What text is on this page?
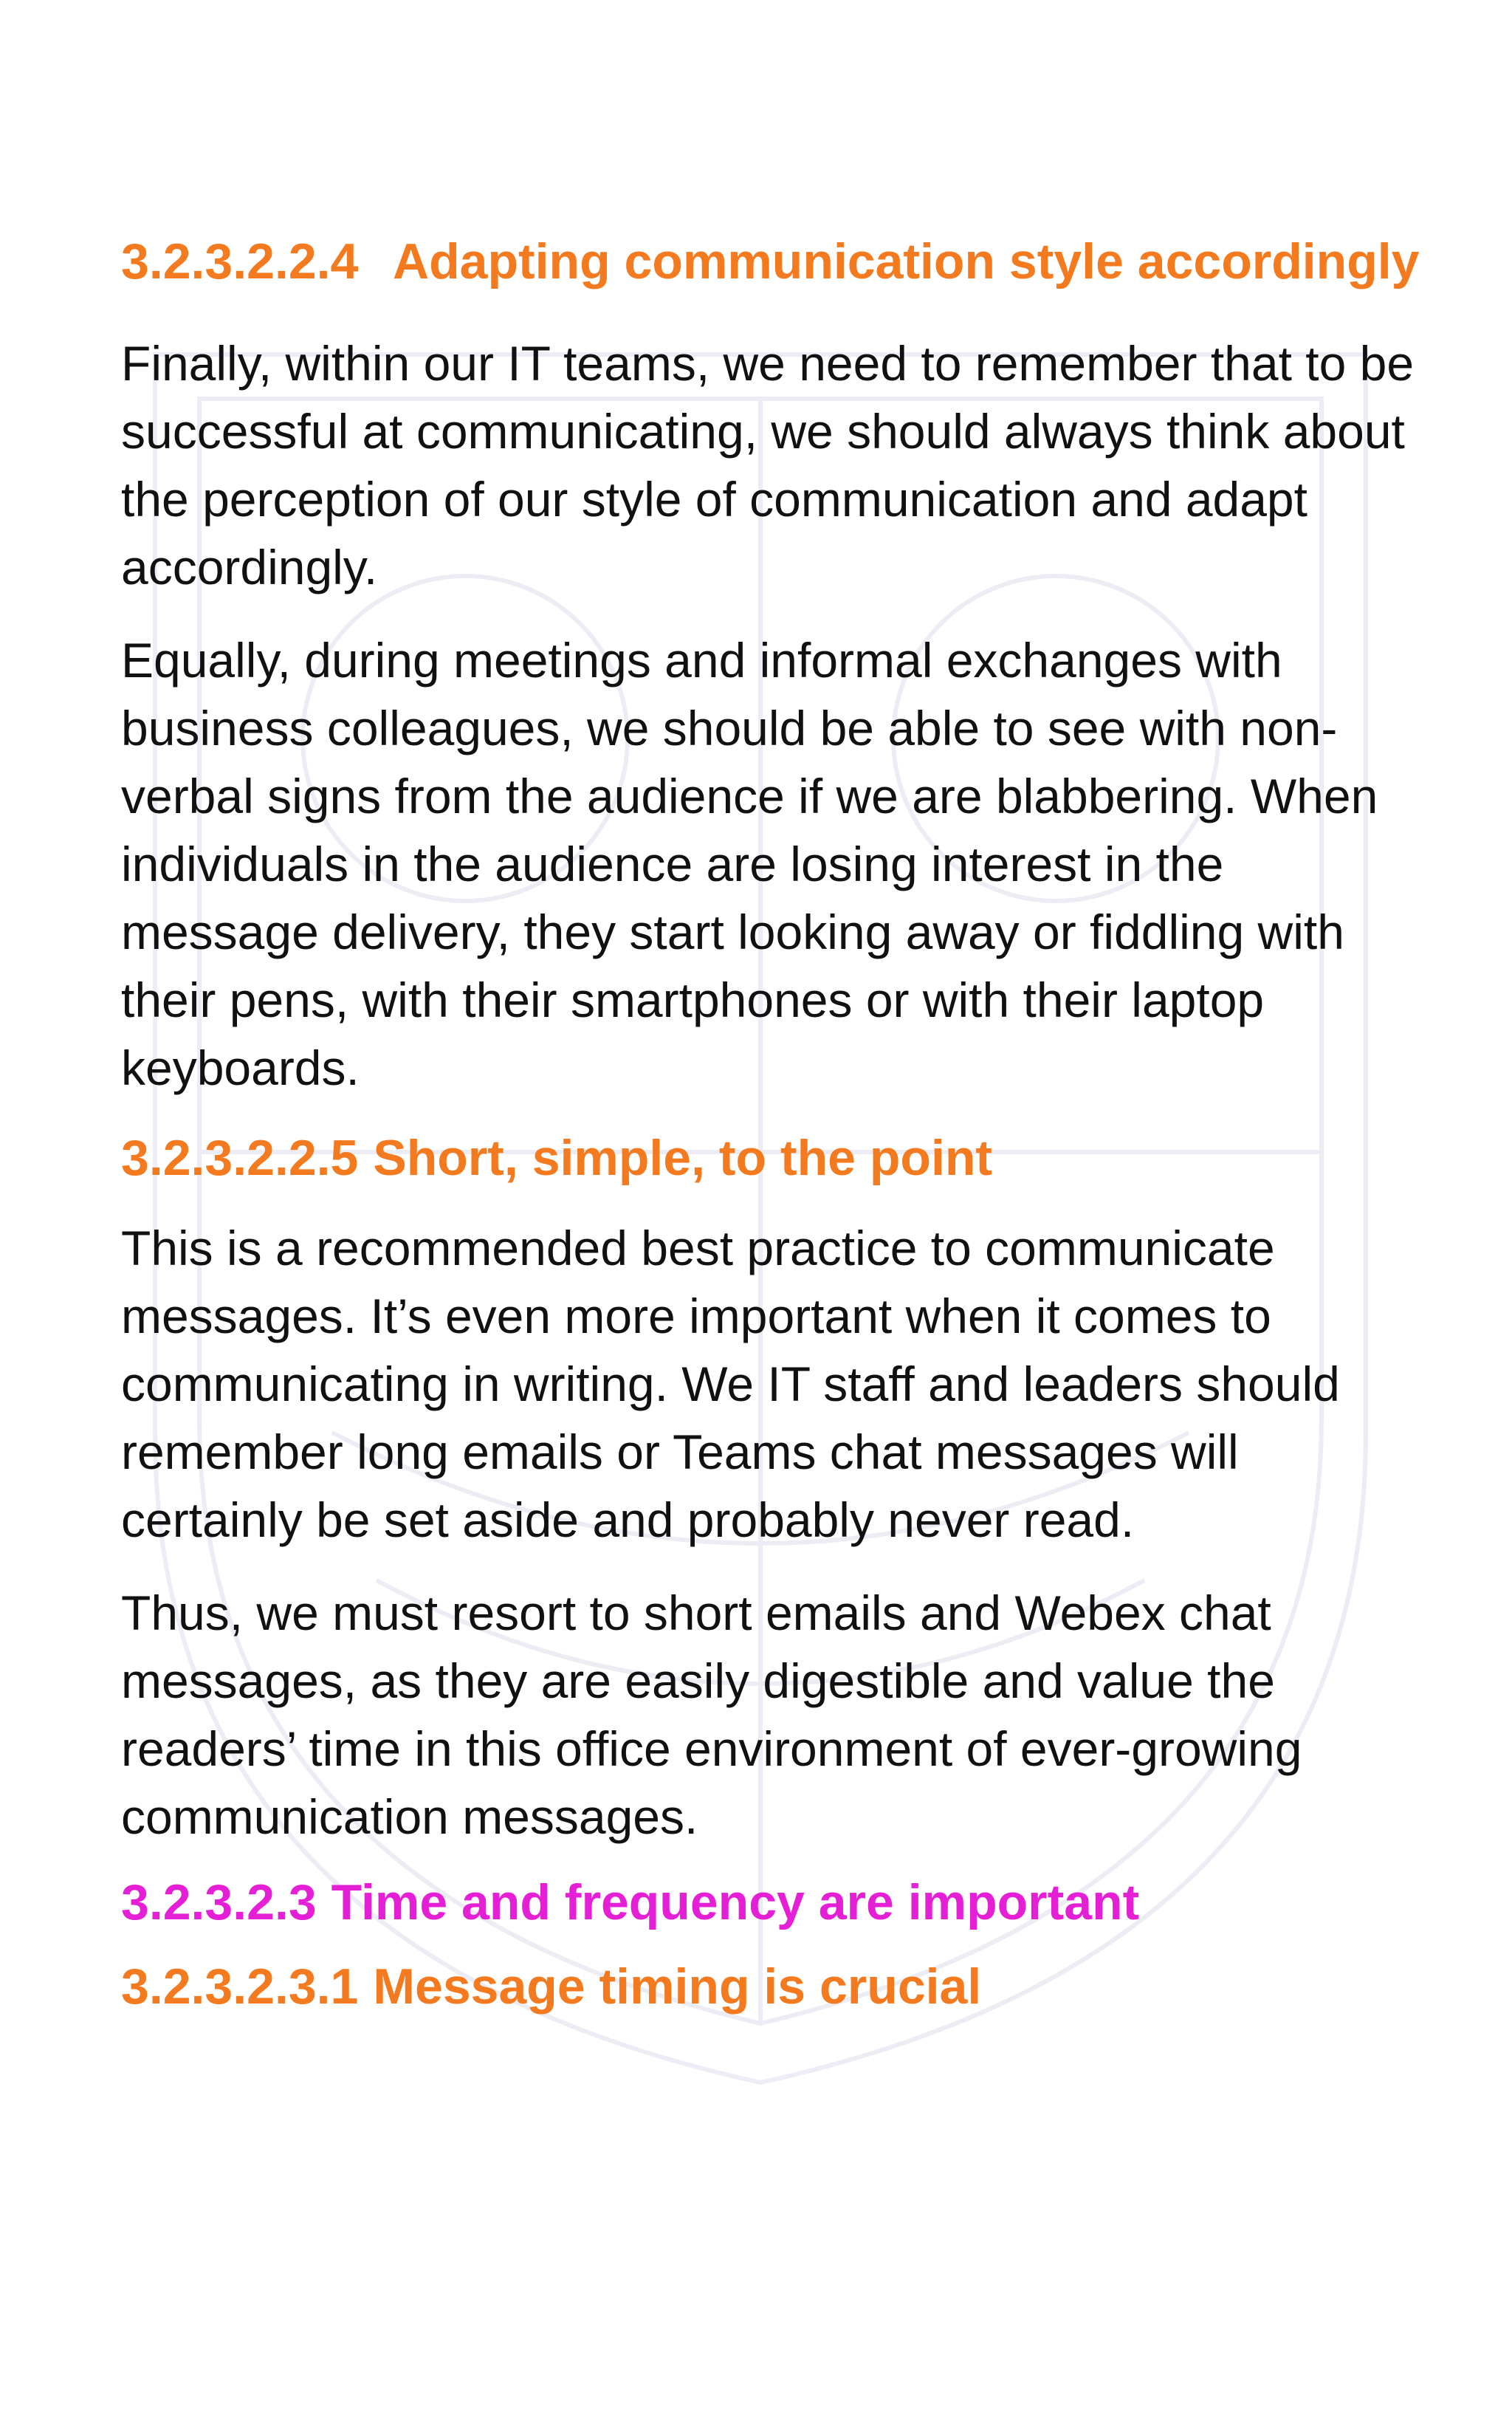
3.2.3.2.2.4 Adapting communication style accordingly

Finally, within our IT teams, we need to remember that to be successful at communicating, we should always think about the perception of our style of communication and adapt accordingly.

Equally, during meetings and informal exchanges with business colleagues, we should be able to see with non-verbal signs from the audience if we are blabbering. When individuals in the audience are losing interest in the message delivery, they start looking away or fiddling with their pens, with their smartphones or with their laptop keyboards.

3.2.3.2.2.5 Short, simple, to the point

This is a recommended best practice to communicate messages. It’s even more important when it comes to communicating in writing. We IT staff and leaders should remember long emails or Teams chat messages will certainly be set aside and probably never read.

Thus, we must resort to short emails and Webex chat messages, as they are easily digestible and value the readers’ time in this office environment of ever-growing communication messages.

3.2.3.2.3 Time and frequency are important
3.2.3.2.3.1 Message timing is crucial
